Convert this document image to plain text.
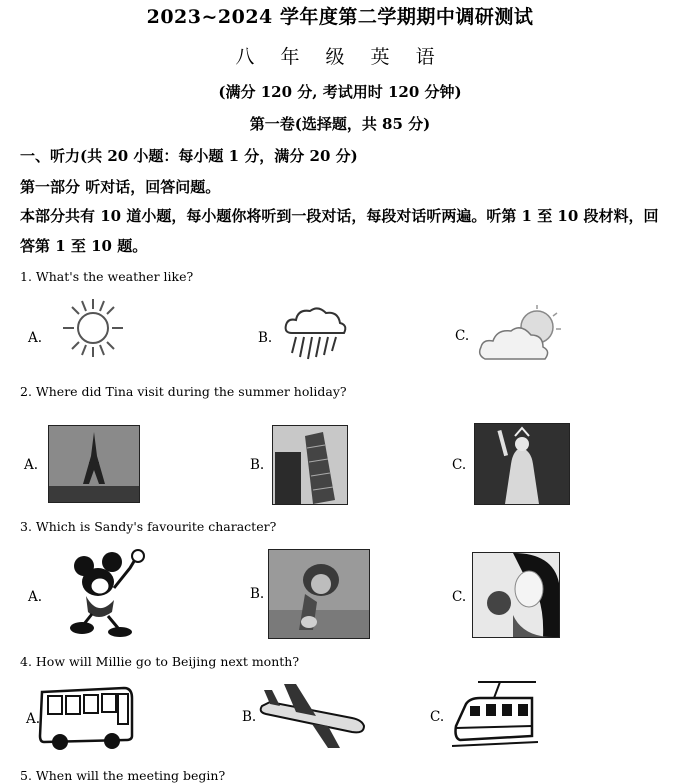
2023~2024 学年度第二学期期中调研测试
八 年 级 英 语
(满分 120 分, 考试用时 120 分钟)
第一卷(选择题，共 85 分)
一、听力(共 20 小题：每小题 1 分，满分 20 分)
第一部分 听对话，回答问题。
本部分共有 10 道小题，每小题你将听到一段对话，每段对话听两遍。听第 1 至 10 段材料，回答第 1 至 10 题。
1. What's the weather like?
A.	B.	C.
2. Where did Tina visit during the summer holiday?
A.	B.	C.
3. Which is Sandy's favourite character?
A.	B.	C.
4. How will Millie go to Beijing next month?
A.	B.	C.
5. When will the meeting begin?
